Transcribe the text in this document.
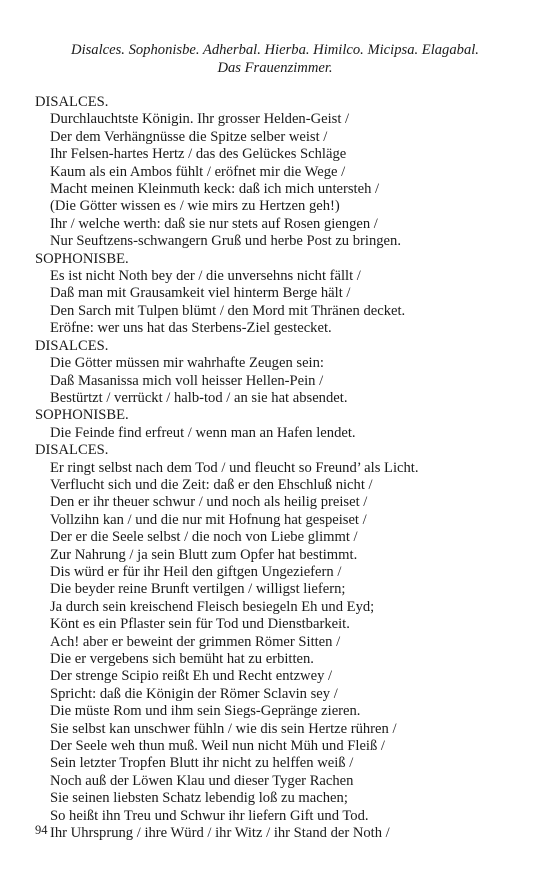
Disalces. Sophonisbe. Adherbal. Hierba. Himilco. Micipsa. Elagabal.
Das Frauenzimmer.
DISALCES.
Durchlauchtste Königin. Ihr grosser Helden-Geist /
Der dem Verhängnüsse die Spitze selber weist /
Ihr Felsen-hartes Hertz / das des Gelückes Schläge
Kaum als ein Ambos fühlt / eröfnet mir die Wege /
Macht meinen Kleinmuth keck: daß ich mich untersteh /
(Die Götter wissen es / wie mirs zu Hertzen geh!)
Ihr / welche werth: daß sie nur stets auf Rosen giengen /
Nur Seuftzens-schwangern Gruß und herbe Post zu bringen.
SOPHONISBE.
Es ist nicht Noth bey der / die unversehns nicht fällt /
Daß man mit Grausamkeit viel hinterm Berge hält /
Den Sarch mit Tulpen blümt / den Mord mit Thränen decket.
Eröfne: wer uns hat das Sterbens-Ziel gestecket.
DISALCES.
Die Götter müssen mir wahrhafte Zeugen sein:
Daß Masanissa mich voll heisser Hellen-Pein /
Bestürtzt / verrückt / halb-tod / an sie hat absendet.
SOPHONISBE.
Die Feinde find erfreut / wenn man an Hafen lendet.
DISALCES.
Er ringt selbst nach dem Tod / und fleucht so Freund’ als Licht.
Verflucht sich und die Zeit: daß er den Ehschluß nicht /
Den er ihr theuer schwur / und noch als heilig preiset /
Vollzihn kan / und die nur mit Hofnung hat gespeiset /
Der er die Seele selbst / die noch von Liebe glimmt /
Zur Nahrung / ja sein Blutt zum Opfer hat bestimmt.
Dis würd er für ihr Heil den giftgen Ungeziefern /
Die beyder reine Brunft vertilgen / willigst liefern;
Ja durch sein kreischend Fleisch besiegeln Eh und Eyd;
Könt es ein Pflaster sein für Tod und Dienstbarkeit.
Ach! aber er beweint der grimmen Römer Sitten /
Die er vergebens sich bemüht hat zu erbitten.
Der strenge Scipio reißt Eh und Recht entzwey /
Spricht: daß die Königin der Römer Sclavin sey /
Die müste Rom und ihm sein Siegs-Gepränge zieren.
Sie selbst kan unschwer fühln / wie dis sein Hertze rühren /
Der Seele weh thun muß. Weil nun nicht Müh und Fleiß /
Sein letzter Tropfen Blutt ihr nicht zu helffen weiß /
Noch auß der Löwen Klau und dieser Tyger Rachen
Sie seinen liebsten Schatz lebendig loß zu machen;
So heißt ihn Treu und Schwur ihr liefern Gift und Tod.
Ihr Uhrsprung / ihre Würd / ihr Witz / ihr Stand der Noth /
94
